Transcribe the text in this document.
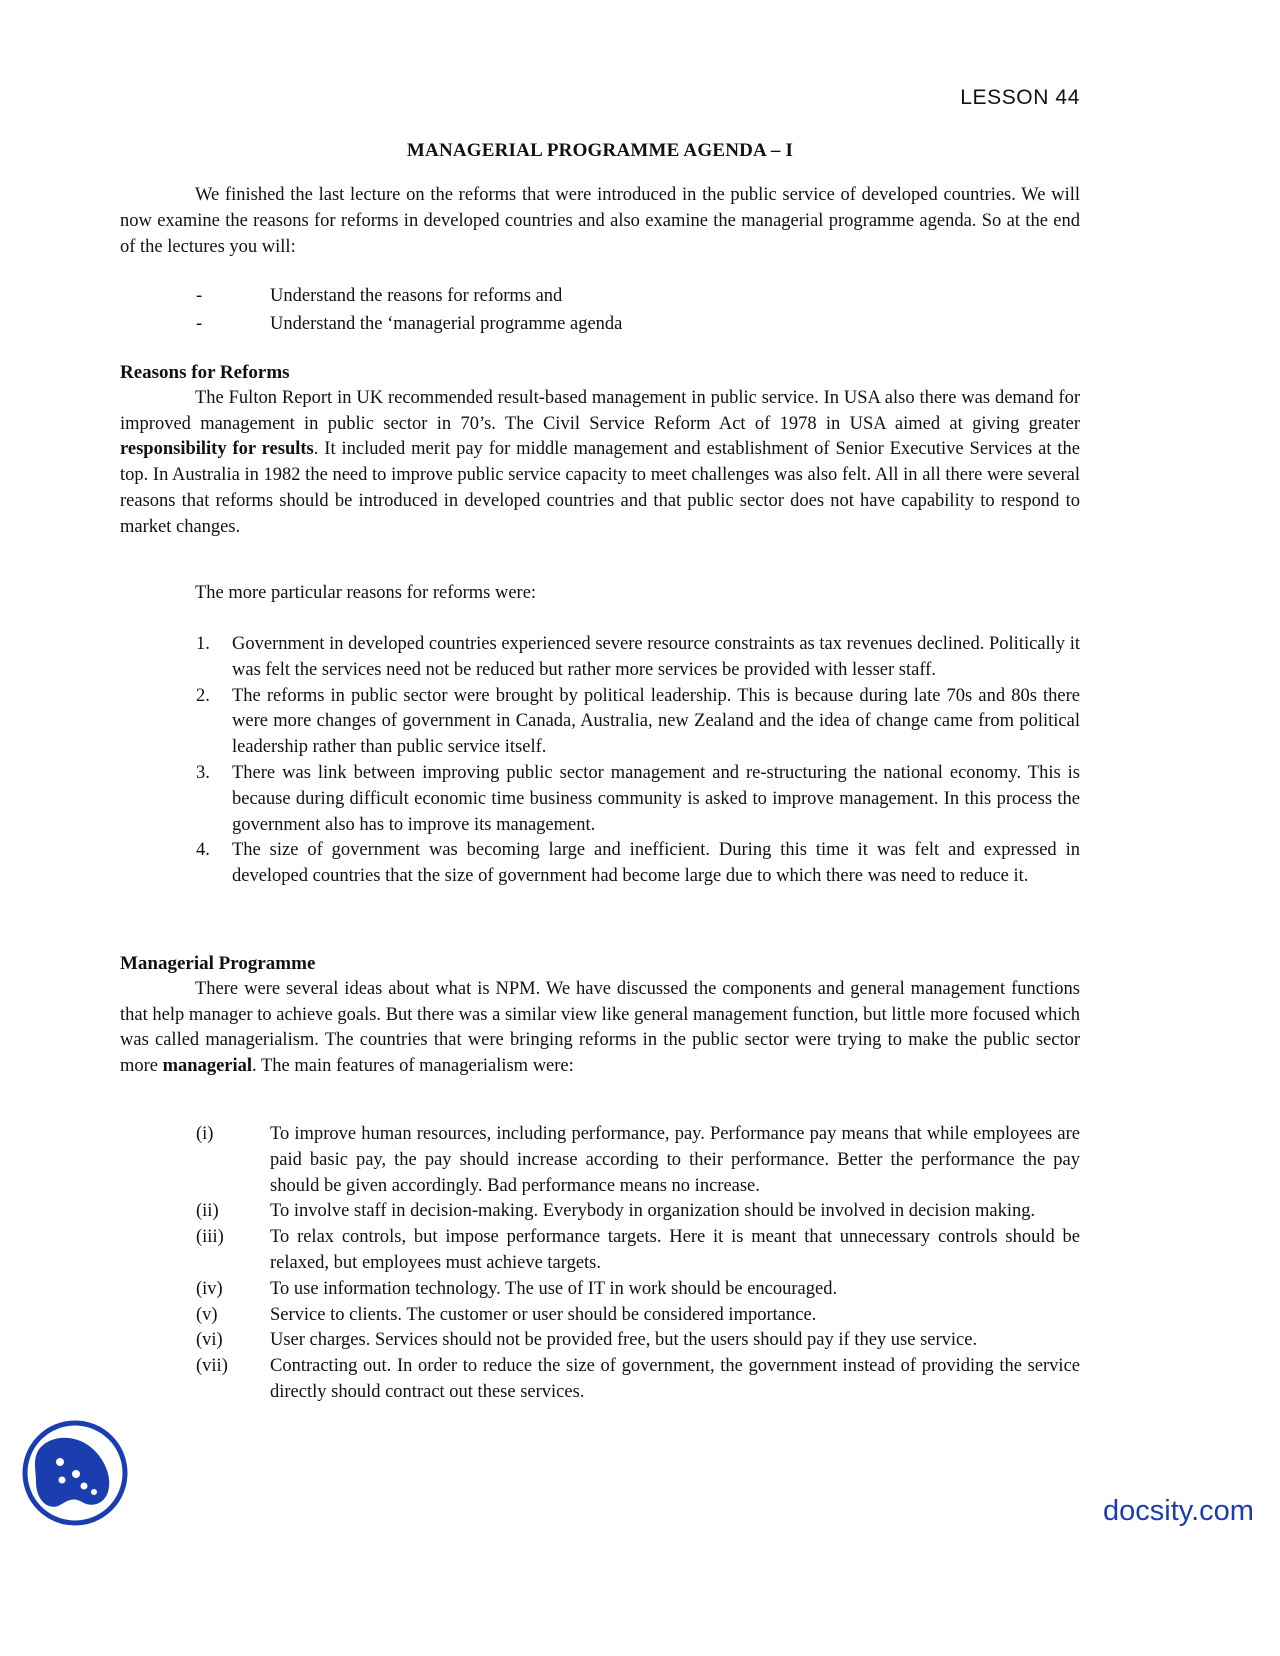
LESSON 44
MANAGERIAL PROGRAMME AGENDA – I

We finished the last lecture on the reforms that were introduced in the public service of developed countries. We will now examine the reasons for reforms in developed countries and also examine the managerial programme agenda. So at the end of the lectures you will:

-	Understand the reasons for reforms and
-	Understand the ‘managerial programme agenda
Reasons for Reforms

The Fulton Report in UK recommended result-based management in public service. In USA also there was demand for improved management in public sector in 70’s. The Civil Service Reform Act of 1978 in USA aimed at giving greater responsibility for results. It included merit pay for middle management and establishment of Senior Executive Services at the top. In Australia in 1982 the need to improve public service capacity to meet challenges was also felt. All in all there were several reasons that reforms should be introduced in developed countries and that public sector does not have capability to respond to market changes.

The more particular reasons for reforms were:

1. Government in developed countries experienced severe resource constraints as tax revenues declined. Politically it was felt the services need not be reduced but rather more services be provided with lesser staff.
2. The reforms in public sector were brought by political leadership. This is because during late 70s and 80s there were more changes of government in Canada, Australia, new Zealand and the idea of change came from political leadership rather than public service itself.
3. There was link between improving public sector management and re-structuring the national economy. This is because during difficult economic time business community is asked to improve management. In this process the government also has to improve its management.
4. The size of government was becoming large and inefficient. During this time it was felt and expressed in developed countries that the size of government had become large due to which there was need to reduce it.
Managerial Programme

There were several ideas about what is NPM. We have discussed the components and general management functions that help manager to achieve goals. But there was a similar view like general management function, but little more focused which was called managerialism. The countries that were bringing reforms in the public sector were trying to make the public sector more managerial. The main features of managerialism were:

(i)	To improve human resources, including performance, pay. Performance pay means that while employees are paid basic pay, the pay should increase according to their performance. Better the performance the pay should be given accordingly. Bad performance means no increase.
(ii)	To involve staff in decision-making. Everybody in organization should be involved in decision making.
(iii)	To relax controls, but impose performance targets. Here it is meant that unnecessary controls should be relaxed, but employees must achieve targets.
(iv)	To use information technology. The use of IT in work should be encouraged.
(v)	Service to clients. The customer or user should be considered importance.
(vi)	User charges. Services should not be provided free, but the users should pay if they use service.
(vii) Contracting out. In order to reduce the size of government, the government instead of providing the service directly should contract out these services.
docsity.com
